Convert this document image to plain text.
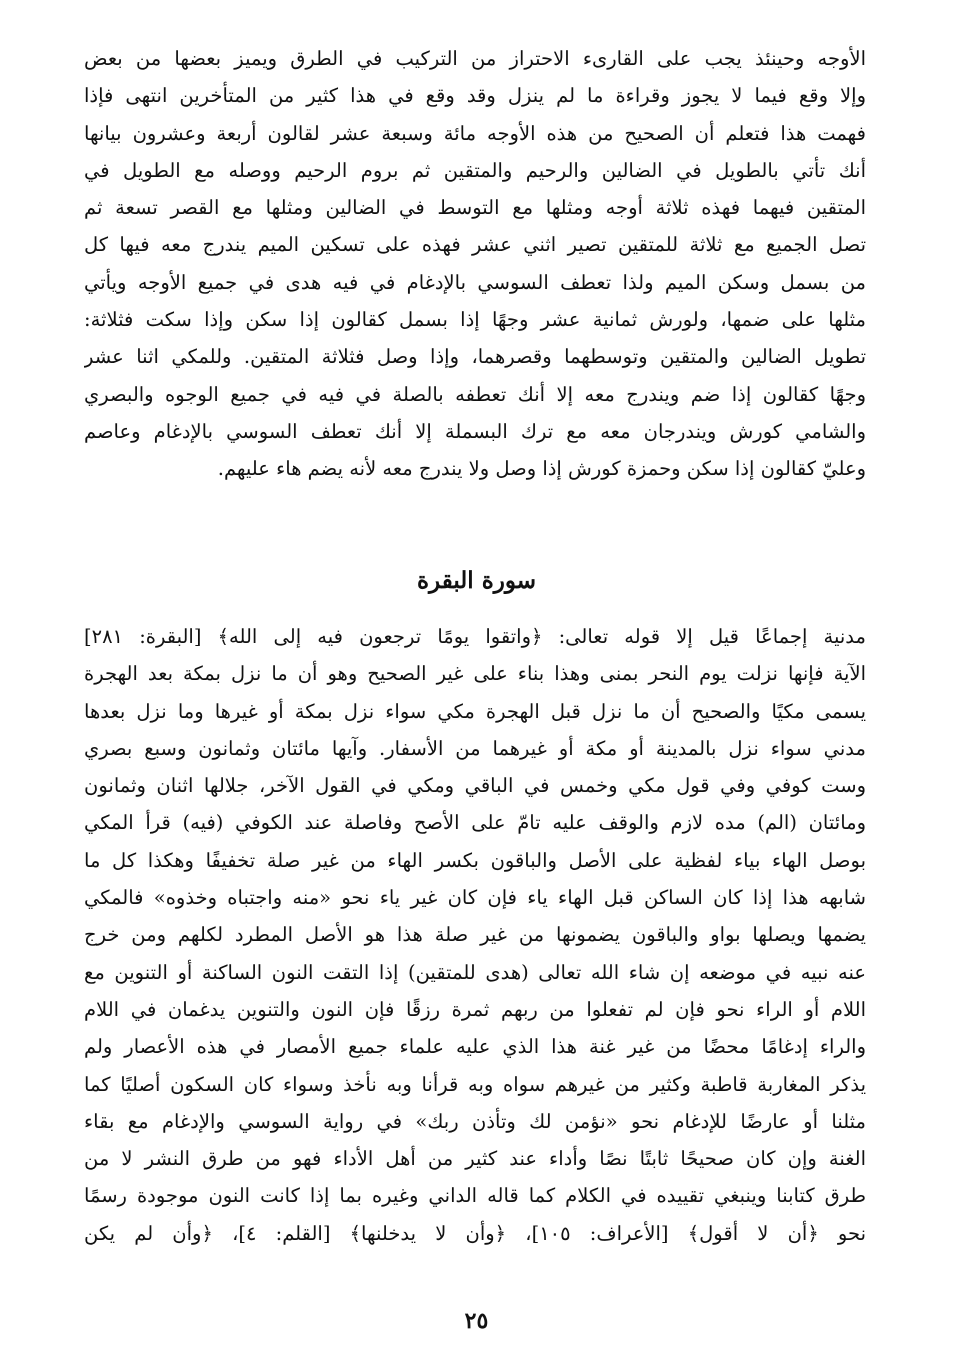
الأوجه وحينئذ يجب على القارىء الاحتراز من التركيب في الطرق ويميز بعضها من بعض
وإلا وقع فيما لا يجوز وقراءة ما لم ينزل وقد وقع في هذا كثير من المتأخرين انتهى فإذا
فهمت هذا فتعلم أن الصحيح من هذه الأوجه مائة وسبعة عشر لقالون أربعة وعشرون بيانها
أنك تأتي بالطويل في الضالين والرحيم والمتقين ثم بروم الرحيم ووصله مع الطويل في
المتقين فيهما فهذه ثلاثة أوجه ومثلها مع التوسط في الضالين ومثلها مع القصر تسعة ثم
تصل الجميع مع ثلاثة للمتقين تصير اثني عشر فهذه على تسكين الميم يندرج معه فيها كل
من بسمل وسكن الميم ولذا تعطف السوسي بالإدغام في فيه هدى في جميع الأوجه ويأتي
مثلها على ضمها، ولورش ثمانية عشر وجهًا إذا بسمل كقالون إذا سكن وإذا سكت فثلاثة:
تطويل الضالين والمتقين وتوسطهما وقصرهما، وإذا وصل فثلاثة المتقين. وللمكي اثنا عشر
وجهًا كقالون إذا ضم ويندرج معه إلا أنك تعطفه بالصلة في فيه في جميع الوجوه والبصري
والشامي كورش ويندرجان معه مع ترك البسملة إلا أنك تعطف السوسي بالإدغام وعاصم
وعليّ كقالون إذا سكن وحمزة كورش إذا وصل ولا يندرج معه لأنه يضم هاء عليهم.
سورة البقرة
مدنية إجماعًا قيل إلا قوله تعالى: ﴿واتقوا يومًا ترجعون فيه إلى الله﴾ [البقرة: ٢٨١]
الآية فإنها نزلت يوم النحر بمنى وهذا بناء على غير الصحيح وهو أن ما نزل بمكة بعد الهجرة
يسمى مكيًا والصحيح أن ما نزل قبل الهجرة مكي سواء نزل بمكة أو غيرها وما نزل بعدها
مدني سواء نزل بالمدينة أو مكة أو غيرهما من الأسفار. وآيها مائتان وثمانون وسبع بصري
وست كوفي وفي قول مكي وخمس في الباقي ومكي في القول الآخر، جلالها اثنان وثمانون
ومائتان (الم) مده لازم والوقف عليه تامّ على الأصح وفاصلة عند الكوفي (فيه) قرأ المكي
بوصل الهاء بياء لفظية على الأصل والباقون بكسر الهاء من غير صلة تخفيفًا وهكذا كل ما
شابهه هذا إذا كان الساكن قبل الهاء ياء فإن كان غير ياء نحو «منه واجتباه وخذوه» فالمكي
يضمها ويصلها بواو والباقون يضمونها من غير صلة هذا هو الأصل المطرد لكلهم ومن خرج
عنه نبيه في موضعه إن شاء الله تعالى (هدى للمتقين) إذا التقت النون الساكنة أو التنوين مع
اللام أو الراء نحو فإن لم تفعلوا من ربهم ثمرة رزقًا فإن النون والتنوين يدغمان في اللام
والراء إدغامًا محضًا من غير غنة هذا الذي عليه علماء جميع الأمصار في هذه الأعصار ولم
يذكر المغاربة قاطبة وكثير من غيرهم سواه وبه قرأنا وبه نأخذ وسواء كان السكون أصليًا كما
مثلنا أو عارضًا للإدغام نحو «نؤمن لك وتأذن ربك» في رواية السوسي والإدغام مع بقاء
الغنة وإن كان صحيحًا ثابتًا نصًا وأداء عند كثير من أهل الأداء فهو من طرق النشر لا من
طرق كتابنا وينبغي تقييده في الكلام كما قاله الداني وغيره بما إذا كانت النون موجودة رسمًا
نحو ﴿أن لا أقول﴾ [الأعراف: ١٠٥]، ﴿وأن لا يدخلنها﴾ [القلم: ٤]، ﴿وأن لم يكن
٢٥
